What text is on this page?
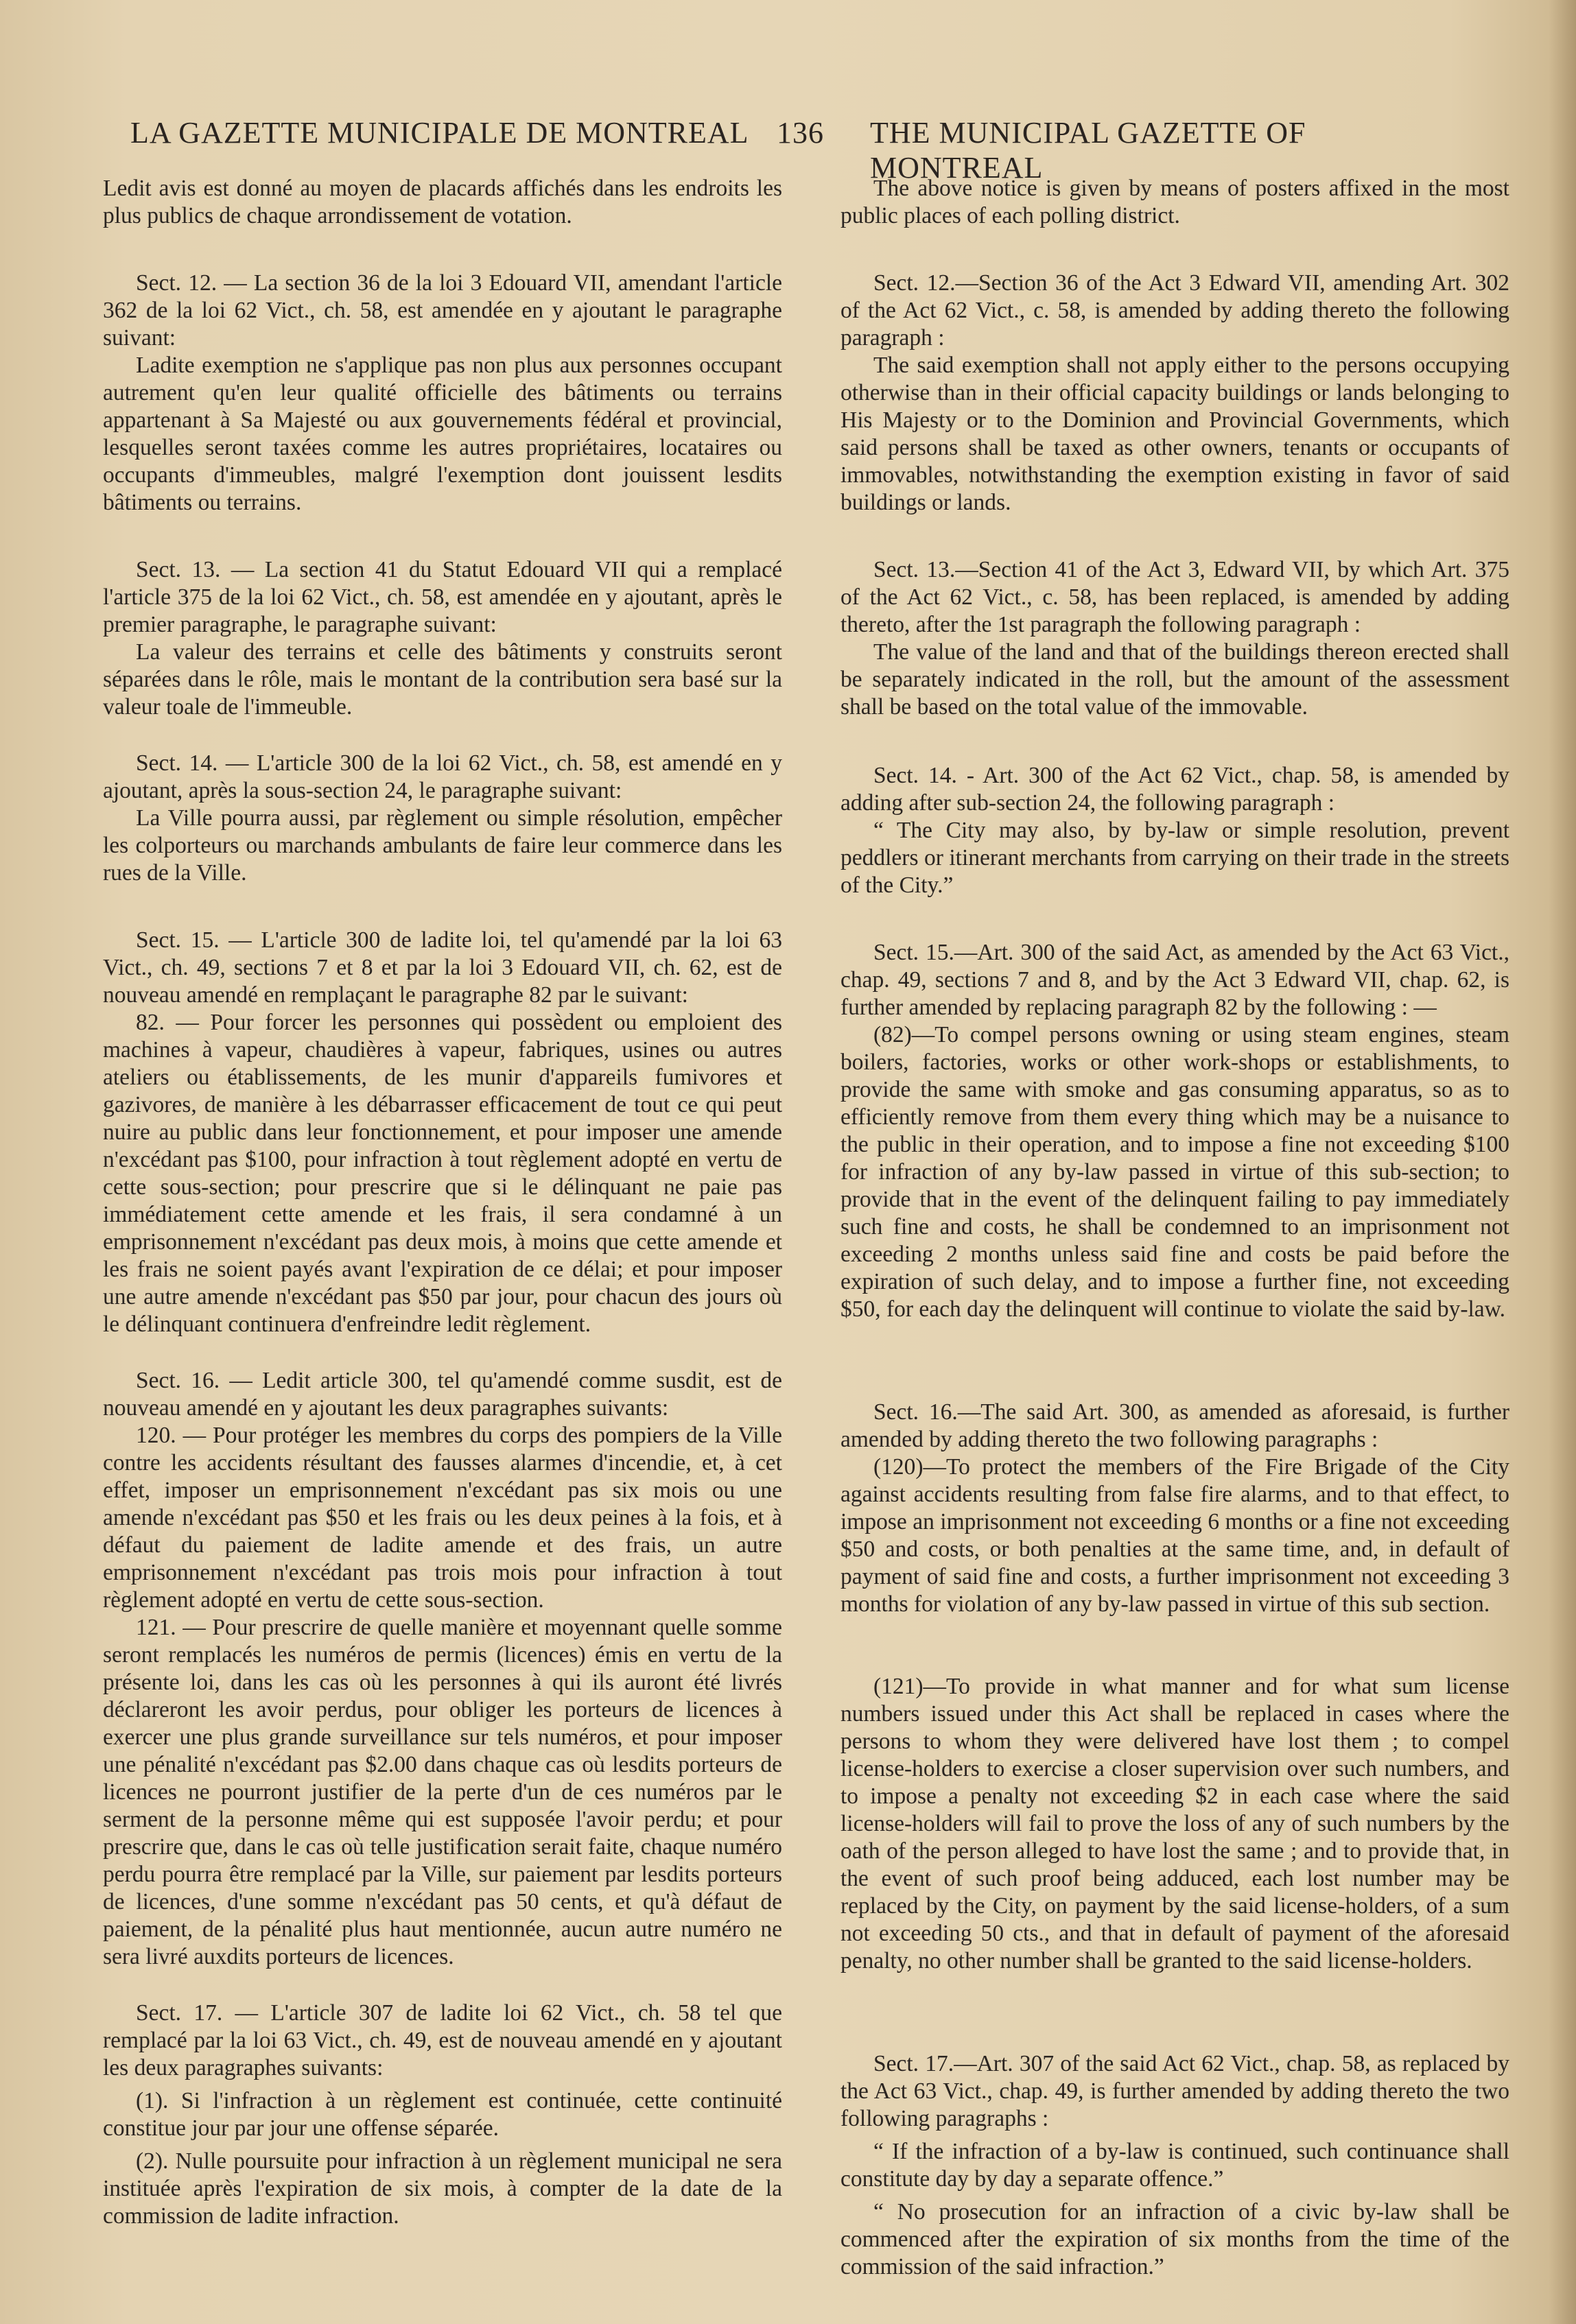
LA GAZETTE MUNICIPALE DE MONTREAL 136 THE MUNICIPAL GAZETTE OF MONTREAL

Ledit avis est donné au moyen de placards affichés dans les endroits les plus publics de chaque arrondissement de votation.

Sect. 12. — La section 36 de la loi 3 Edouard VII, amendant l'article 362 de la loi 62 Vict., ch. 58, est amendée en y ajoutant le paragraphe suivant:

Ladite exemption ne s'applique pas non plus aux personnes occupant autrement qu'en leur qualité officielle des bâtiments ou terrains appartenant à Sa Majesté ou aux gouvernements fédéral et provincial, lesquelles seront taxées comme les autres propriétaires, locataires ou occupants d'immeubles, malgré l'exemption dont jouissent lesdits bâtiments ou terrains.

Sect. 13. — La section 41 du Statut Edouard VII qui a remplacé l'article 375 de la loi 62 Vict., ch. 58, est amendée en y ajoutant, après le premier paragraphe, le paragraphe suivant:

La valeur des terrains et celle des bâtiments y construits seront séparées dans le rôle, mais le montant de la contribution sera basé sur la valeur toale de l'immeuble.

Sect. 14. — L'article 300 de la loi 62 Vict., ch. 58, est amendé en y ajoutant, après la sous-section 24, le paragraphe suivant:

La Ville pourra aussi, par règlement ou simple résolution, empêcher les colporteurs ou marchands ambulants de faire leur commerce dans les rues de la Ville.

Sect. 15. — L'article 300 de ladite loi, tel qu'amendé par la loi 63 Vict., ch. 49, sections 7 et 8 et par la loi 3 Edouard VII, ch. 62, est de nouveau amendé en remplaçant le paragraphe 82 par le suivant:

82. — Pour forcer les personnes qui possèdent ou emploient des machines à vapeur, chaudières à vapeur, fabriques, usines ou autres ateliers ou établissements, de les munir d'appareils fumivores et gazivores, de manière à les débarrasser efficacement de tout ce qui peut nuire au public dans leur fonctionnement, et pour imposer une amende n'excédant pas $100, pour infraction à tout règlement adopté en vertu de cette sous-section; pour prescrire que si le délinquant ne paie pas immédiatement cette amende et les frais, il sera condamné à un emprisonnement n'excédant pas deux mois, à moins que cette amende et les frais ne soient payés avant l'expiration de ce délai; et pour imposer une autre amende n'excédant pas $50 par jour, pour chacun des jours où le délinquant continuera d'enfreindre ledit règlement.

Sect. 16. — Ledit article 300, tel qu'amendé comme susdit, est de nouveau amendé en y ajoutant les deux paragraphes suivants:

120. — Pour protéger les membres du corps des pompiers de la Ville contre les accidents résultant des fausses alarmes d'incendie, et, à cet effet, imposer un emprisonnement n'excédant pas six mois ou une amende n'excédant pas $50 et les frais ou les deux peines à la fois, et à défaut du paiement de ladite amende et des frais, un autre emprisonnement n'excédant pas trois mois pour infraction à tout règlement adopté en vertu de cette sous-section.

121. — Pour prescrire de quelle manière et moyennant quelle somme seront remplacés les numéros de permis (licences) émis en vertu de la présente loi, dans les cas où les personnes à qui ils auront été livrés déclareront les avoir perdus, pour obliger les porteurs de licences à exercer une plus grande surveillance sur tels numéros, et pour imposer une pénalité n'excédant pas $2.00 dans chaque cas où lesdits porteurs de licences ne pourront justifier de la perte d'un de ces numéros par le serment de la personne même qui est supposée l'avoir perdu; et pour prescrire que, dans le cas où telle justification serait faite, chaque numéro perdu pourra être remplacé par la Ville, sur paiement par lesdits porteurs de licences, d'une somme n'excédant pas 50 cents, et qu'à défaut de paiement, de la pénalité plus haut mentionnée, aucun autre numéro ne sera livré auxdits porteurs de licences.

Sect. 17. — L'article 307 de ladite loi 62 Vict., ch. 58 tel que remplacé par la loi 63 Vict., ch. 49, est de nouveau amendé en y ajoutant les deux paragraphes suivants:

(1). Si l'infraction à un règlement est continuée, cette continuité constitue jour par jour une offense séparée.

(2). Nulle poursuite pour infraction à un règlement municipal ne sera instituée après l'expiration de six mois, à compter de la date de la commission de ladite infraction.

The above notice is given by means of posters affixed in the most public places of each polling district.

Sect. 12.—Section 36 of the Act 3 Edward VII, amending Art. 302 of the Act 62 Vict., c. 58, is amended by adding thereto the following paragraph :

The said exemption shall not apply either to the persons occupying otherwise than in their official capacity buildings or lands belonging to His Majesty or to the Dominion and Provincial Governments, which said persons shall be taxed as other owners, tenants or occupants of immovables, notwithstanding the exemption existing in favor of said buildings or lands.

Sect. 13.—Section 41 of the Act 3, Edward VII, by which Art. 375 of the Act 62 Vict., c. 58, has been replaced, is amended by adding thereto, after the 1st paragraph the following paragraph :

The value of the land and that of the buildings thereon erected shall be separately indicated in the roll, but the amount of the assessment shall be based on the total value of the immovable.

Sect. 14. - Art. 300 of the Act 62 Vict., chap. 58, is amended by adding after sub-section 24, the following paragraph :

“ The City may also, by by-law or simple resolution, prevent peddlers or itinerant merchants from carrying on their trade in the streets of the City.”

Sect. 15.—Art. 300 of the said Act, as amended by the Act 63 Vict., chap. 49, sections 7 and 8, and by the Act 3 Edward VII, chap. 62, is further amended by replacing paragraph 82 by the following : —

(82)—To compel persons owning or using steam engines, steam boilers, factories, works or other work-shops or establishments, to provide the same with smoke and gas consuming apparatus, so as to efficiently remove from them every thing which may be a nuisance to the public in their operation, and to impose a fine not exceeding $100 for infraction of any by-law passed in virtue of this sub-section; to provide that in the event of the delinquent failing to pay immediately such fine and costs, he shall be condemned to an imprisonment not exceeding 2 months unless said fine and costs be paid before the expiration of such delay, and to impose a further fine, not exceeding $50, for each day the delinquent will continue to violate the said by-law.

Sect. 16.—The said Art. 300, as amended as aforesaid, is further amended by adding thereto the two following paragraphs :

(120)—To protect the members of the Fire Brigade of the City against accidents resulting from false fire alarms, and to that effect, to impose an imprisonment not exceeding 6 months or a fine not exceeding $50 and costs, or both penalties at the same time, and, in default of payment of said fine and costs, a further imprisonment not exceeding 3 months for violation of any by-law passed in virtue of this sub section.

(121)—To provide in what manner and for what sum license numbers issued under this Act shall be replaced in cases where the persons to whom they were delivered have lost them ; to compel license-holders to exercise a closer supervision over such numbers, and to impose a penalty not exceeding $2 in each case where the said license-holders will fail to prove the loss of any of such numbers by the oath of the person alleged to have lost the same ; and to provide that, in the event of such proof being adduced, each lost number may be replaced by the City, on payment by the said license-holders, of a sum not exceeding 50 cts., and that in default of payment of the aforesaid penalty, no other number shall be granted to the said license-holders.

Sect. 17.—Art. 307 of the said Act 62 Vict., chap. 58, as replaced by the Act 63 Vict., chap. 49, is further amended by adding thereto the two following paragraphs :

“ If the infraction of a by-law is continued, such continuance shall constitute day by day a separate offence.”

“ No prosecution for an infraction of a civic by-law shall be commenced after the expiration of six months from the time of the commission of the said infraction.”
